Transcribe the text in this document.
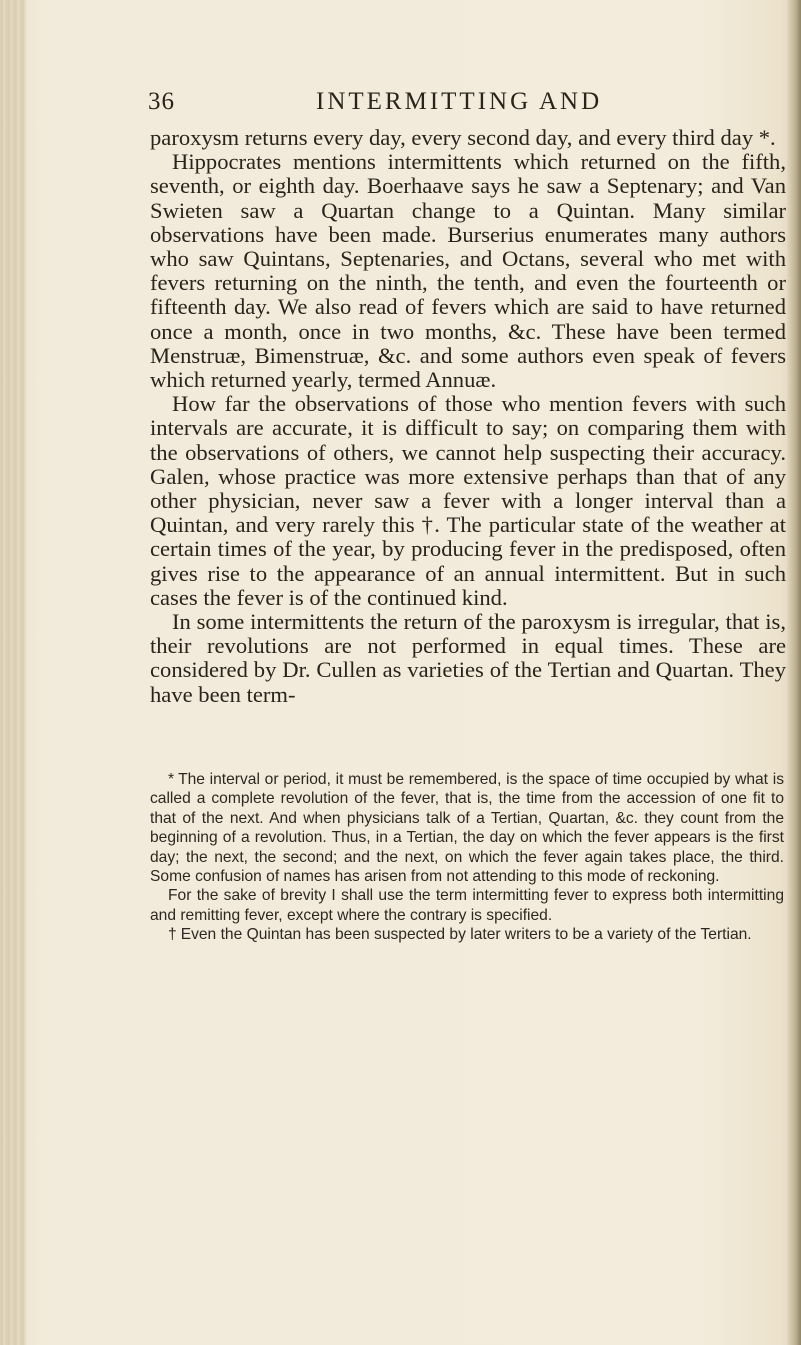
36	INTERMITTING AND

paroxysm returns every day, every second day, and every third day *.

Hippocrates mentions intermittents which returned on the fifth, seventh, or eighth day. Boerhaave says he saw a Septenary; and Van Swieten saw a Quartan change to a Quintan. Many similar observations have been made. Burserius enumerates many authors who saw Quintans, Septenaries, and Octans, several who met with fevers returning on the ninth, the tenth, and even the fourteenth or fifteenth day. We also read of fevers which are said to have returned once a month, once in two months, &c. These have been termed Menstruæ, Bimenstruæ, &c. and some authors even speak of fevers which returned yearly, termed Annuæ.

How far the observations of those who mention fevers with such intervals are accurate, it is difficult to say; on comparing them with the observations of others, we cannot help suspecting their accuracy. Galen, whose practice was more extensive perhaps than that of any other physician, never saw a fever with a longer interval than a Quintan, and very rarely this †. The particular state of the weather at certain times of the year, by producing fever in the predisposed, often gives rise to the appearance of an annual intermittent. But in such cases the fever is of the continued kind.

In some intermittents the return of the paroxysm is irregular, that is, their revolutions are not performed in equal times. These are considered by Dr. Cullen as varieties of the Tertian and Quartan. They have been term-

* The interval or period, it must be remembered, is the space of time occupied by what is called a complete revolution of the fever, that is, the time from the accession of one fit to that of the next. And when physicians talk of a Tertian, Quartan, &c. they count from the beginning of a revolution. Thus, in a Tertian, the day on which the fever appears is the first day; the next, the second; and the next, on which the fever again takes place, the third. Some confusion of names has arisen from not attending to this mode of reckoning.

For the sake of brevity I shall use the term intermitting fever to express both intermitting and remitting fever, except where the contrary is specified.

† Even the Quintan has been suspected by later writers to be a variety of the Tertian.
